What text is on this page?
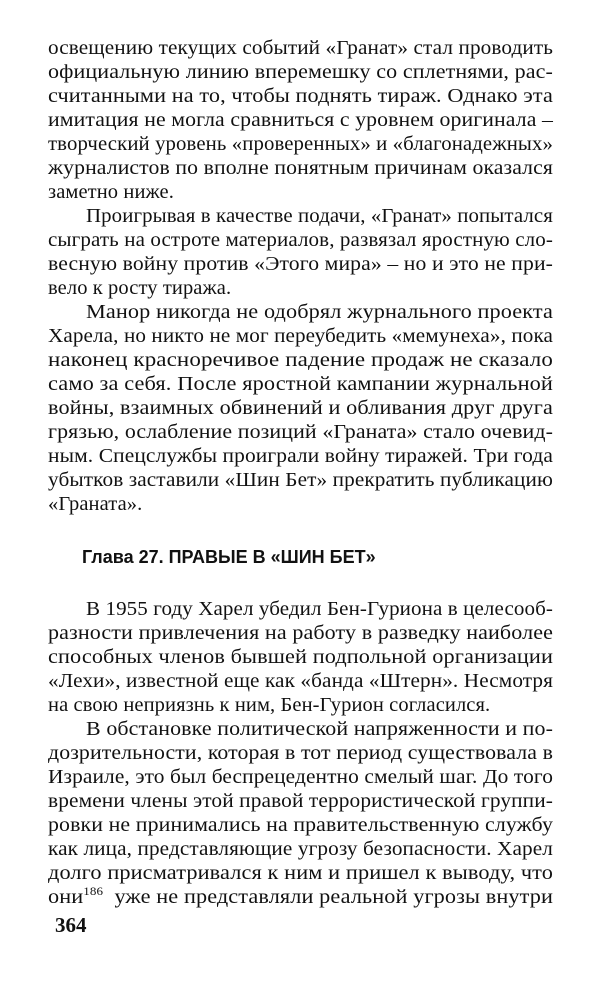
освещению текущих событий «Гранат» стал проводить
официальную линию вперемешку со сплетнями, рас-
считанными на то, чтобы поднять тираж. Однако эта
имитация не могла сравниться с уровнем оригинала –
творческий уровень «проверенных» и «благонадежных»
журналистов по вполне понятным причинам оказался
заметно ниже.
Проигрывая в качестве подачи, «Гранат» попытался
сыграть на остроте материалов, развязал яростную сло-
весную войну против «Этого мира» – но и это не при-
вело к росту тиража.
Манор никогда не одобрял журнального проекта
Харела, но никто не мог переубедить «мемунеха», пока
наконец красноречивое падение продаж не сказало
само за себя. После яростной кампании журнальной
войны, взаимных обвинений и обливания друг друга
грязью, ослабление позиций «Граната» стало очевид-
ным. Спецслужбы проиграли войну тиражей. Три года
убытков заставили «Шин Бет» прекратить публикацию
«Граната».
Глава 27. ПРАВЫЕ В «ШИН БЕТ»
В 1955 году Харел убедил Бен-Гуриона в целесооб-
разности привлечения на работу в разведку наиболее
способных членов бывшей подпольной организации
«Лехи», известной еще как «банда «Штерн». Несмотря
на свою неприязнь к ним, Бен-Гурион согласился.
В обстановке политической напряженности и по-
дозрительности, которая в тот период существовала в
Израиле, это был беспрецедентно смелый шаг. До того
времени члены этой правой террористической группи-
ровки не принимались на правительственную службу
как лица, представляющие угрозу безопасности. Харел
долго присматривался к ним и пришел к выводу, что
они186 уже не представляли реальной угрозы внутри
364
